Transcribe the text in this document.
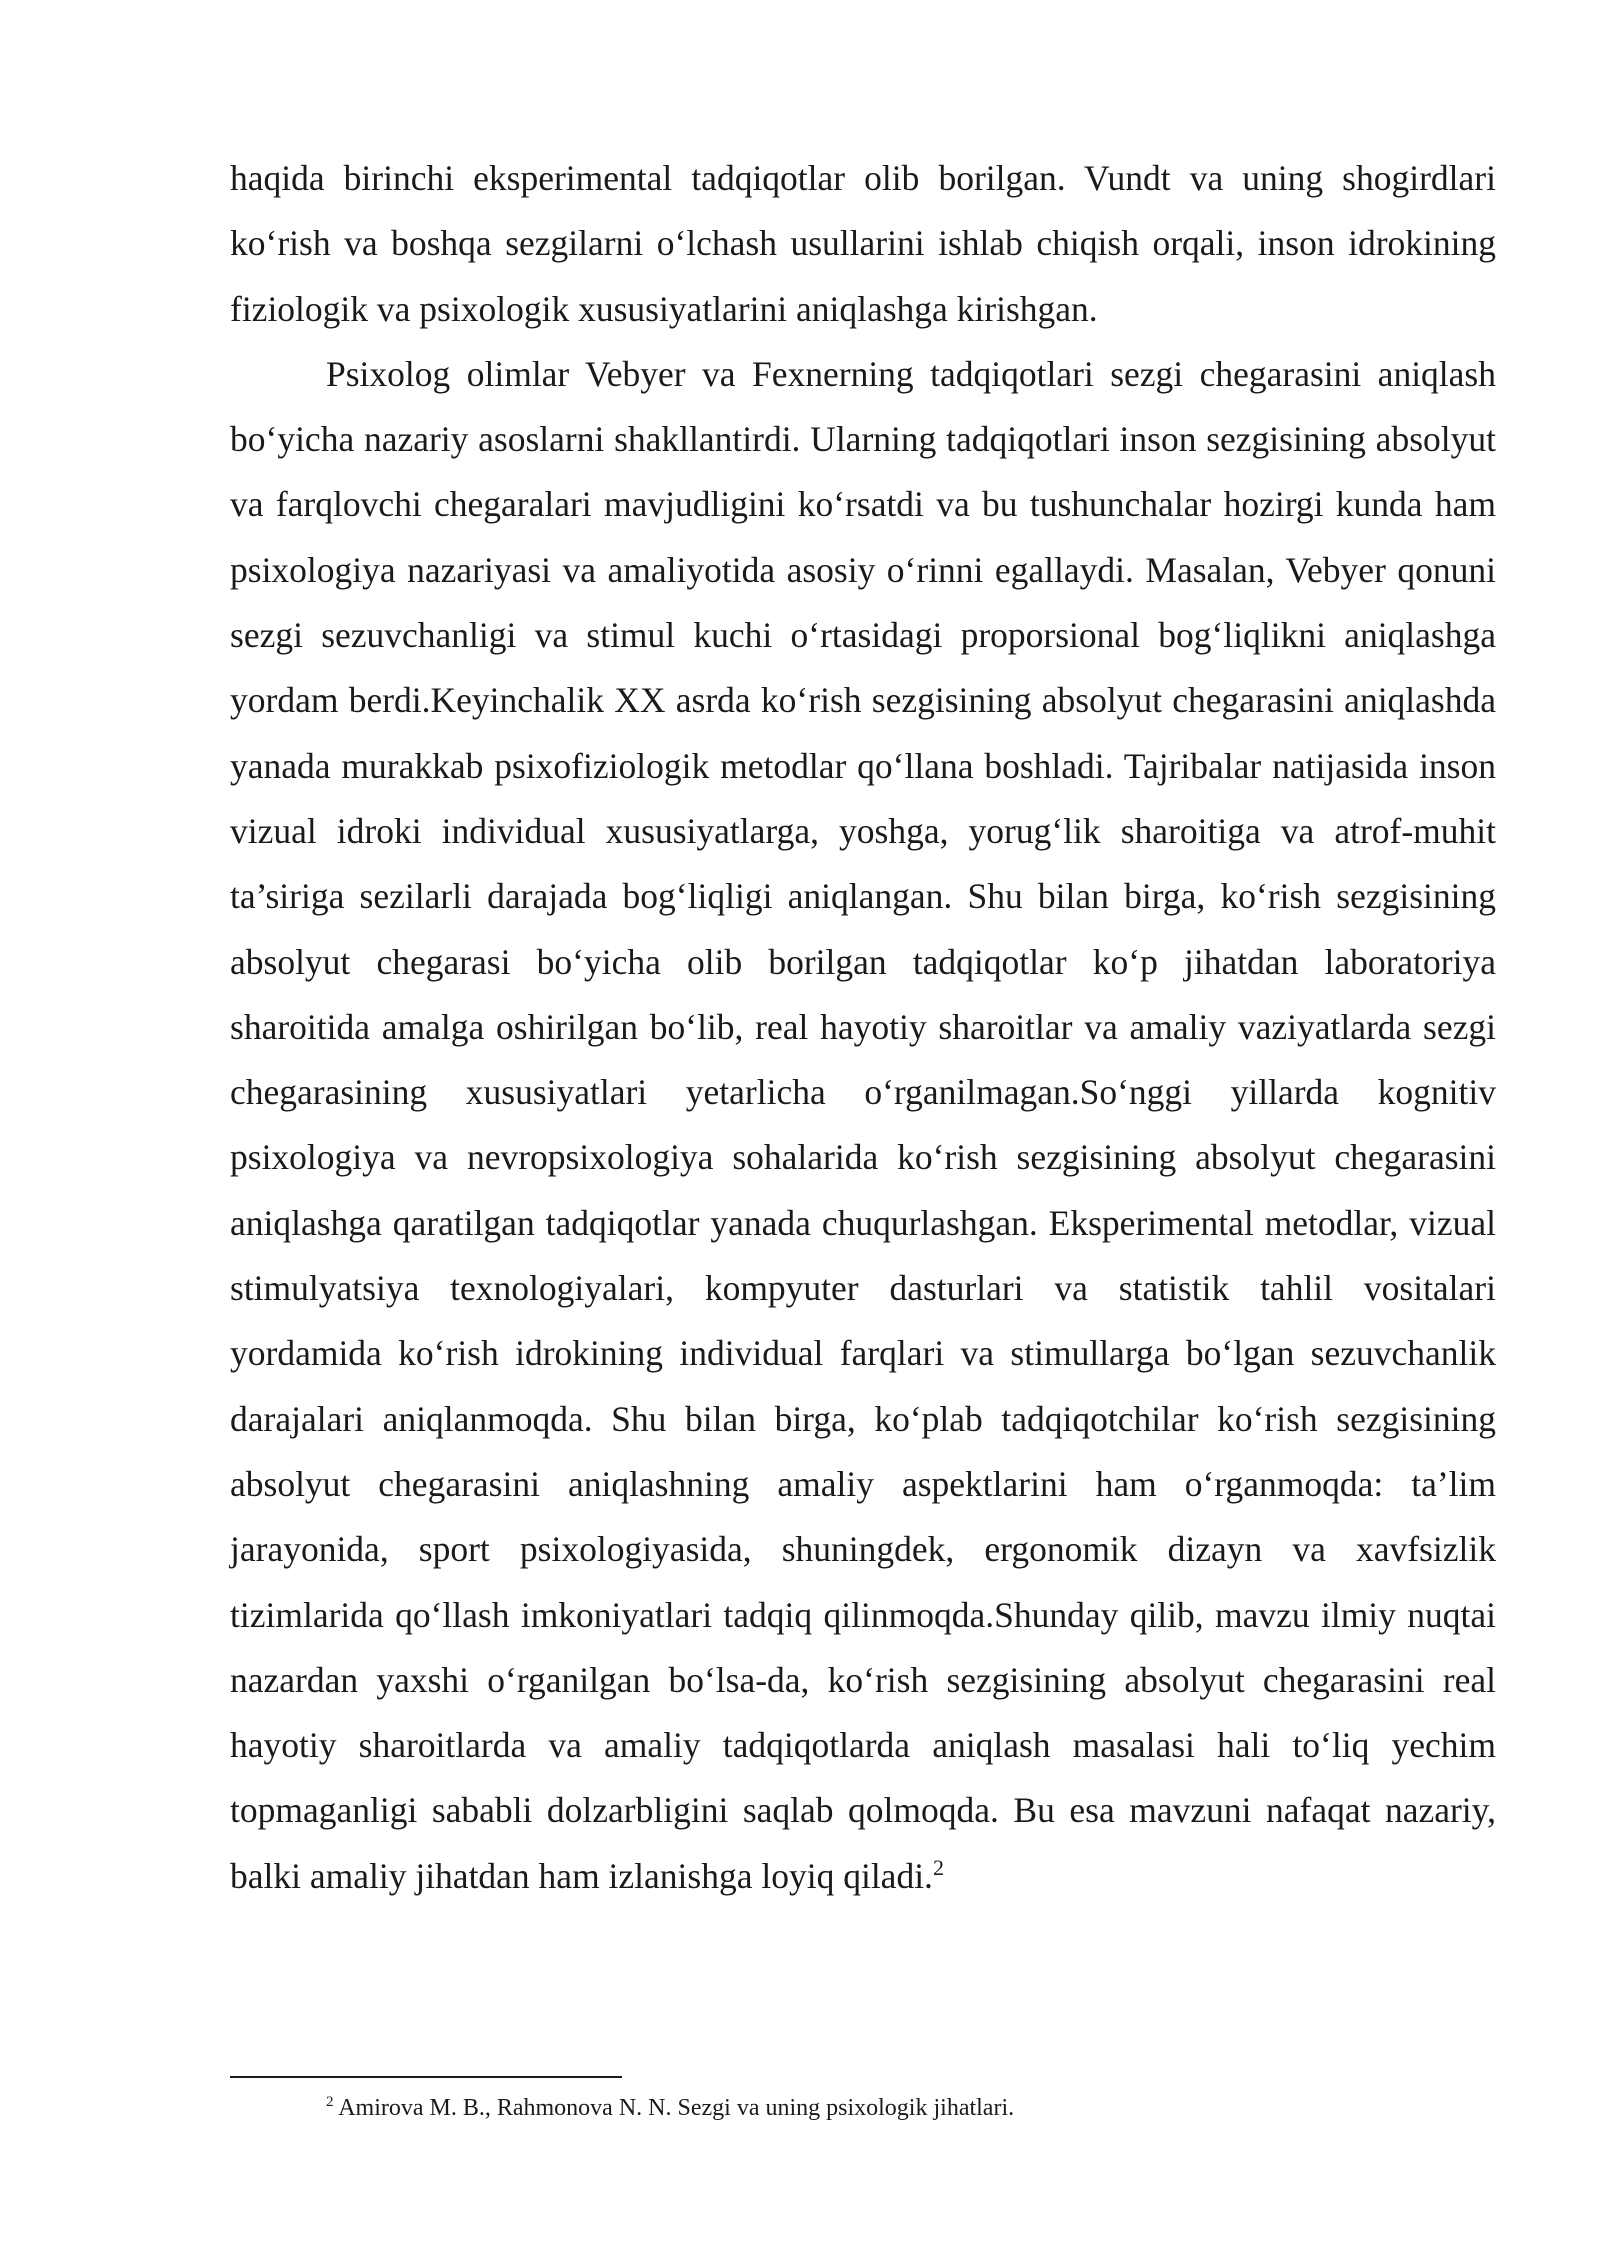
haqida birinchi eksperimental tadqiqotlar olib borilgan. Vundt va uning shogirdlari ko‘rish va boshqa sezgilarni o‘lchash usullarini ishlab chiqish orqali, inson idrokining fiziologik va psixologik xususiyatlarini aniqlashga kirishgan.

Psixolog olimlar Vebyer va Fexnerning tadqiqotlari sezgi chegarasini aniqlash bo‘yicha nazariy asoslarni shakllantirdi. Ularning tadqiqotlari inson sezgisining absolyut va farqlovchi chegaralari mavjudligini ko‘rsatdi va bu tushunchalar hozirgi kunda ham psixologiya nazariyasi va amaliyotida asosiy o‘rinni egallaydi. Masalan, Vebyer qonuni sezgi sezuvchanligi va stimul kuchi o‘rtasidagi proporsional bog‘liqlikni aniqlashga yordam berdi.Keyinchalik XX asrda ko‘rish sezgisining absolyut chegarasini aniqlashda yanada murakkab psixofiziologik metodlar qo‘llana boshladi. Tajribalar natijasida inson vizual idroki individual xususiyatlarga, yoshga, yorug‘lik sharoitiga va atrof-muhit ta’siriga sezilarli darajada bog‘liqligi aniqlangan. Shu bilan birga, ko‘rish sezgisining absolyut chegarasi bo‘yicha olib borilgan tadqiqotlar ko‘p jihatdan laboratoriya sharoitida amalga oshirilgan bo‘lib, real hayotiy sharoitlar va amaliy vaziyatlarda sezgi chegarasining xususiyatlari yetarlicha o‘rganilmagan.So‘nggi yillarda kognitiv psixologiya va nevropsixologiya sohalarida ko‘rish sezgisining absolyut chegarasini aniqlashga qaratilgan tadqiqotlar yanada chuqurlashgan. Eksperimental metodlar, vizual stimulyatsiya texnologiyalari, kompyuter dasturlari va statistik tahlil vositalari yordamida ko‘rish idrokining individual farqlari va stimullarga bo‘lgan sezuvchanlik darajalari aniqlanmoqda. Shu bilan birga, ko‘plab tadqiqotchilar ko‘rish sezgisining absolyut chegarasini aniqlashning amaliy aspektlarini ham o‘rganmoqda: ta’lim jarayonida, sport psixologiyasida, shuningdek, ergonomik dizayn va xavfsizlik tizimlarida qo‘llash imkoniyatlari tadqiq qilinmoqda.Shunday qilib, mavzu ilmiy nuqtai nazardan yaxshi o‘rganilgan bo‘lsa-da, ko‘rish sezgisining absolyut chegarasini real hayotiy sharoitlarda va amaliy tadqiqotlarda aniqlash masalasi hali to‘liq yechim topmaganligi sababli dolzarbligini saqlab qolmoqda. Bu esa mavzuni nafaqat nazariy, balki amaliy jihatdan ham izlanishga loyiq qiladi.$^2$

$^2$ Amirova M. B., Rahmonova N. N. Sezgi va uning psixologik jihatlari.
